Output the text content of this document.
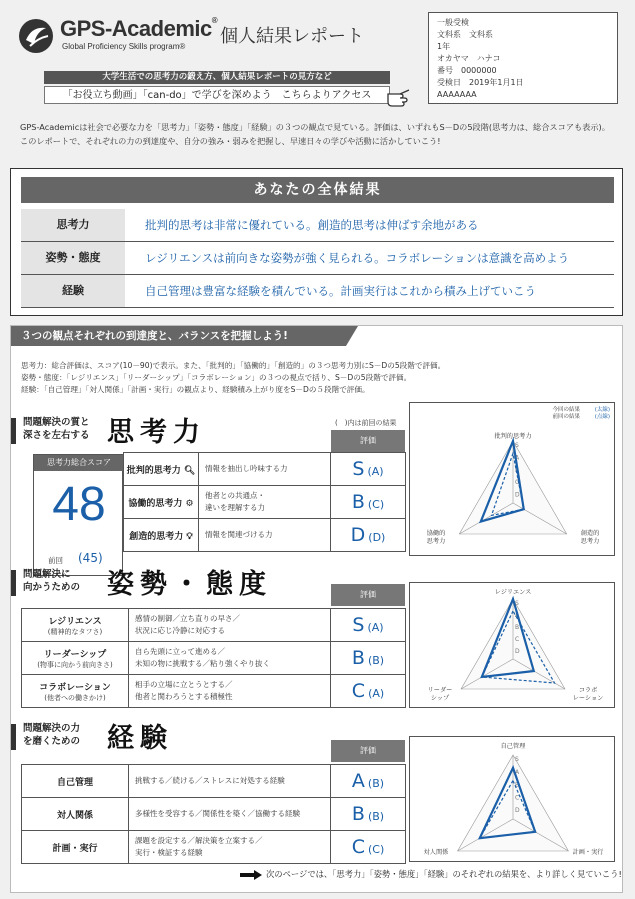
GPS-Academic®
Global Proficiency Skills program® 個人結果レポート
一般受検
文科系　文科系
1年
オカヤマ　ハナコ
番号　0000000
受検日　2019年1月1日
AAAAAAA
大学生活での思考力の鍛え方、個人結果レポートの見方など
「お役立ち動画」「can-do」で学びを深めよう　こちらよりアクセス
GPS-Academicは社会で必要な力を「思考力」「姿勢・態度」「経験」の３つの観点で見ている。評価は、いずれもS－Dの5段階(思考力は、総合スコアも表示)。
このレポートで、それぞれの力の到達度や、自分の強み・弱みを把握し、早速日々の学びや活動に活かしていこう!
あなたの全体結果
思考力	批判的思考は非常に優れている。創造的思考は伸ばす余地がある
姿勢・態度	レジリエンスは前向きな姿勢が強く見られる。コラボレーションは意識を高めよう
経験	自己管理は豊富な経験を積んでいる。計画実行はこれから積み上げていこう
３つの観点それぞれの到達度と、バランスを把握しよう!
思考力：総合評価は、スコア(10－90)で表示。また、「批判的」「協働的」「創造的」の３つ思考力別にS－Dの5段階で評価。
姿勢・態度：「レジリエンス」「リーダーシップ」「コラボレーション」の３つの視点で括り、S－Dの5段階で評価。
経験：「自己管理」「対人関係」「計画・実行」の観点より、経験積み上がり度をS－Dの５段階で評価。
問題解決の質と
深さを左右する 思考力	(　)内は前回の結果
評価
思考力総合スコア
48
前回 (45)
批判的思考力 🔍︎	情報を抽出し吟味する力	S (A)
協働的思考力 ⚙	他者との共通点・
違いを理解する力	B (C)
創造的思考力 💡︎	情報を関連づける力	D (D)
今回の結果
前回の結果
(太線)
(点線)
S
A
B
C
D
批判的思考力
協働的
思考力
創造的
思考力
問題解決に
向かうための 姿勢・態度	評価
レジリエンス
(精神的なタフさ)	感情の制御／立ち直りの早さ／
状況に応じ冷静に対応する	S (A)
リーダーシップ
(物事に向かう前向きさ)	自ら先頭に立って進める／
未知の物に挑戦する／粘り強くやり抜く	B (B)
コラボレーション
(他者への働きかけ)	相手の立場に立とうとする／
他者と関わろうとする積極性	C (A)
S
A
B
C
D
レジリエンス
リーダー
シップ
コラボ
レーション
問題解決の力
を磨くための 経験	評価
自己管理	挑戦する／続ける／ストレスに対処する経験	A (B)
対人関係	多様性を受容する／関係性を築く／協働する経験	B (B)
計画・実行	課題を設定する／解決策を立案する／
実行・検証する経験	C (C)
S
A
B
C
D
自己管理
対人関係	計画・実行
次のページでは、「思考力」「姿勢・態度」「経験」のそれぞれの結果を、より詳しく見ていこう!
